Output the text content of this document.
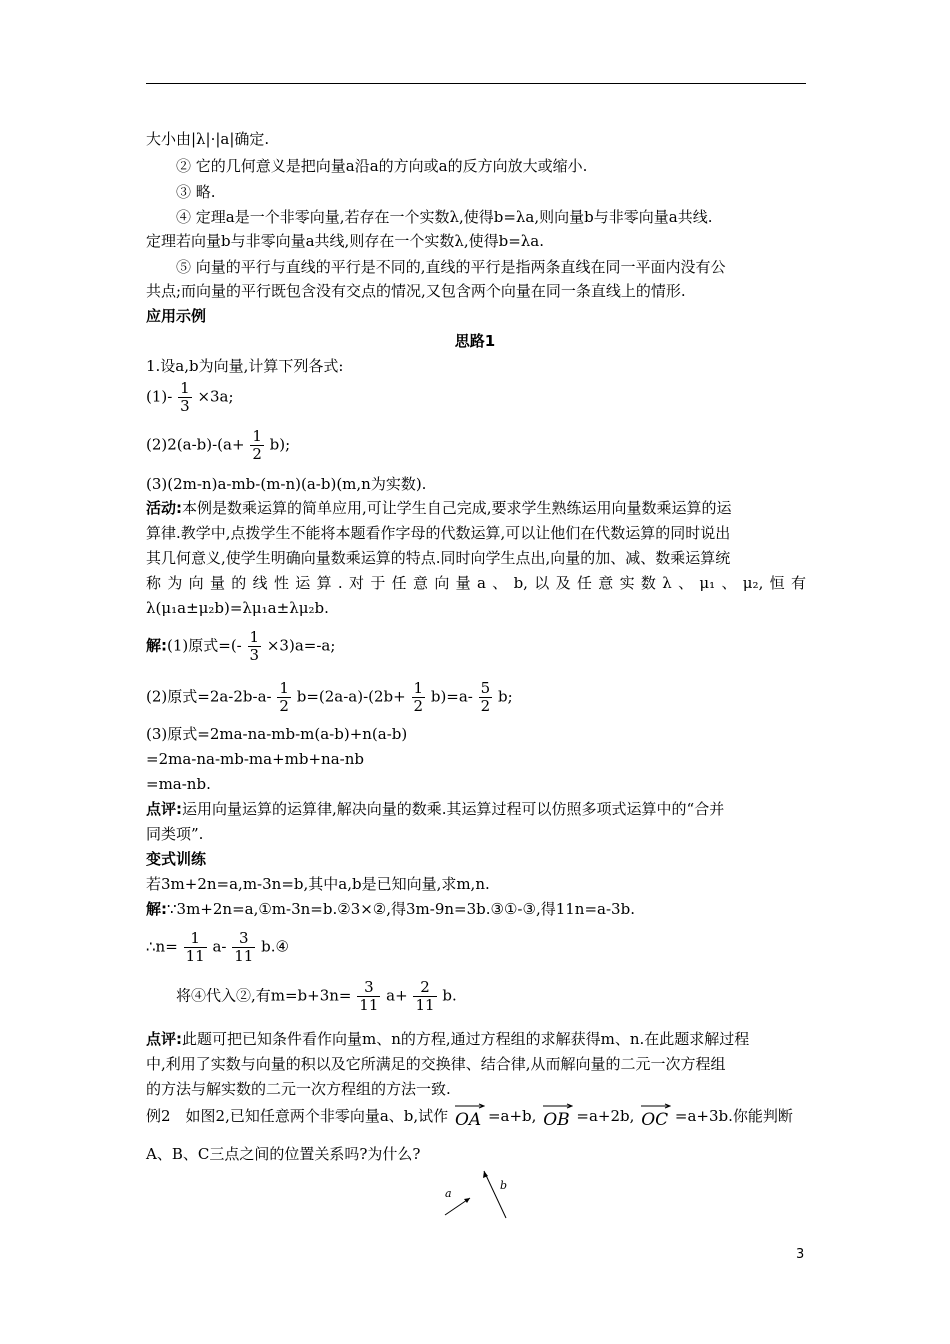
大小由|λ|·|a|确定.
② 它的几何意义是把向量a沿a的方向或a的反方向放大或缩小.
③ 略.
④ 定理a是一个非零向量,若存在一个实数λ,使得b=λa,则向量b与非零向量a共线.
定理若向量b与非零向量a共线,则存在一个实数λ,使得b=λa.
⑤ 向量的平行与直线的平行是不同的,直线的平行是指两条直线在同一平面内没有公
共点;而向量的平行既包含没有交点的情况,又包含两个向量在同一条直线上的情形.
应用示例
思路1
1.设a,b为向量,计算下列各式:
$(1)- \frac{1}{3} \times 3a$;
$(2)2(a-b)-(a+ \frac{1}{2} b)$;
(3)(2m-n)a-mb-(m-n)(a-b)(m,n为实数).
活动:本例是数乘运算的简单应用,可让学生自己完成,要求学生熟练运用向量数乘运算的运
算律.教学中,点拨学生不能将本题看作字母的代数运算,可以让他们在代数运算的同时说出
其几何意义,使学生明确向量数乘运算的特点.同时向学生点出,向量的加、减、数乘运算统
称为向量的线性运算.对于任意向量a、b,以及任意实数λ、μ₁、μ₂,恒有
λ(μ₁a±μ₂b)=λμ₁a±λμ₂b.
解:(1)原式=(- $\frac{1}{3} \times 3)a=-a$;
(2)原式$=2a-2b-a- \frac{1}{2} b=(2a-a)-(2b+ \frac{1}{2} b)=a- \frac{5}{2} b$;
(3)原式=2ma-na-mb-m(a-b)+n(a-b)
=2ma-na-mb-ma+mb+na-nb
=ma-nb.
点评:运用向量运算的运算律,解决向量的数乘.其运算过程可以仿照多项式运算中的“合并
同类项”.
变式训练
若3m+2n=a,m-3n=b,其中a,b是已知向量,求m,n.
解:∵3m+2n=a,①m-3n=b.②3×②,得3m-9n=3b.③①-③,得11n=a-3b.
∴n= $\frac{1}{11} a- \frac{3}{11}$ b.④
将④代入②,有$m=b+3n= \frac{3}{11} a+ \frac{2}{11} b$.
点评:此题可把已知条件看作向量m、n的方程,通过方程组的求解获得m、n.在此题求解过程
中,利用了实数与向量的积以及它所满足的交换律、结合律,从而解向量的二元一次方程组
的方法与解实数的二元一次方程组的方法一致.
例2　如图2,已知任意两个非零向量a、b,试作 OA =a+b, OB =a+2b, OC =a+3b.你能判断
A、B、C三点之间的位置关系吗?为什么?
a
b
3
